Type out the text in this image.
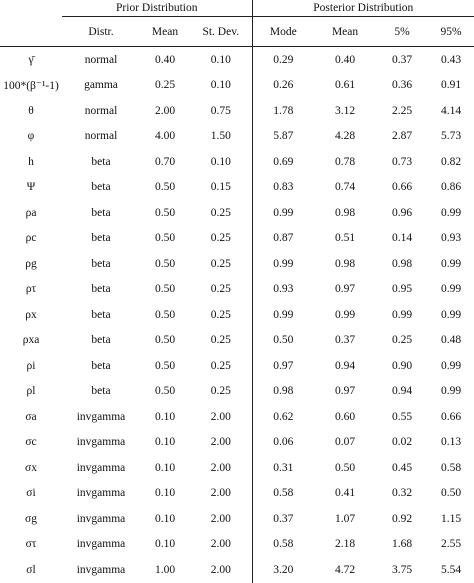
	Prior Distribution			Posterior Distribution			
	Distr.	Mean	St. Dev.	Mode	Mean	5%	95%
γ̄	normal	0.40	0.10	0.29	0.40	0.37	0.43
100*(β⁻¹-1)	gamma	0.25	0.10	0.26	0.61	0.36	0.91
θ	normal	2.00	0.75	1.78	3.12	2.25	4.14
φ	normal	4.00	1.50	5.87	4.28	2.87	5.73
h	beta	0.70	0.10	0.69	0.78	0.73	0.82
Ψ	beta	0.50	0.15	0.83	0.74	0.66	0.86
ρa	beta	0.50	0.25	0.99	0.98	0.96	0.99
ρc	beta	0.50	0.25	0.87	0.51	0.14	0.93
ρg	beta	0.50	0.25	0.99	0.98	0.98	0.99
ρτ	beta	0.50	0.25	0.93	0.97	0.95	0.99
ρx	beta	0.50	0.25	0.99	0.99	0.99	0.99
ρxa	beta	0.50	0.25	0.50	0.37	0.25	0.48
ρi	beta	0.50	0.25	0.97	0.94	0.90	0.99
ρl	beta	0.50	0.25	0.98	0.97	0.94	0.99
σa	invgamma	0.10	2.00	0.62	0.60	0.55	0.66
σc	invgamma	0.10	2.00	0.06	0.07	0.02	0.13
σx	invgamma	0.10	2.00	0.31	0.50	0.45	0.58
σi	invgamma	0.10	2.00	0.58	0.41	0.32	0.50
σg	invgamma	0.10	2.00	0.37	1.07	0.92	1.15
στ	invgamma	0.10	2.00	0.58	2.18	1.68	2.55
σl	invgamma	1.00	2.00	3.20	4.72	3.75	5.54
